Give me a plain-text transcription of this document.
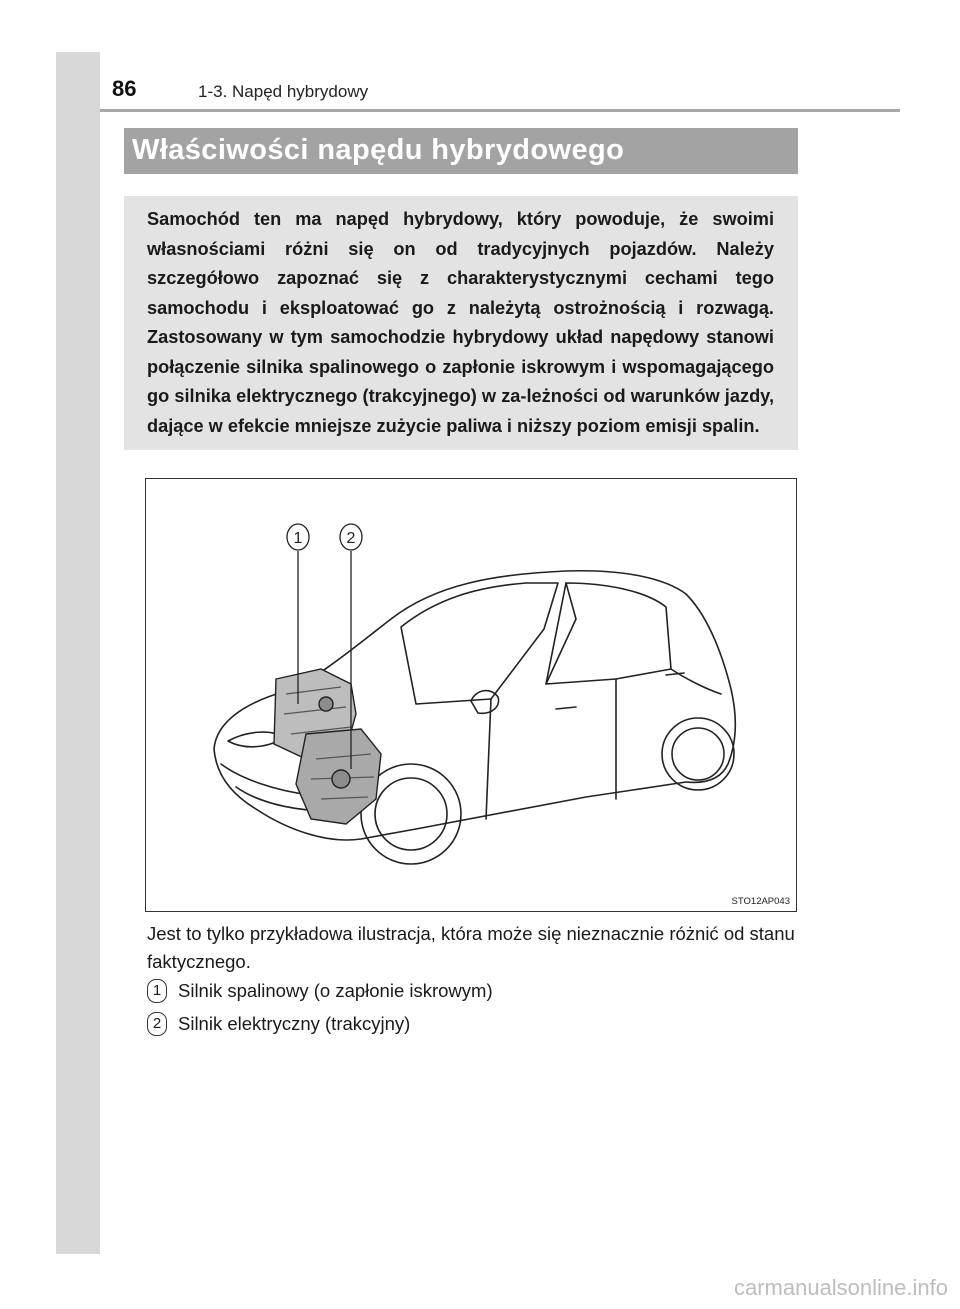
86	1-3. Napęd hybrydowy
Właściwości napędu hybrydowego
Samochód ten ma napęd hybrydowy, który powoduje, że swoimi własnościami różni się on od tradycyjnych pojazdów. Należy szczegółowo zapoznać się z charakterystycznymi cechami tego samochodu i eksploatować go z należytą ostrożnością i rozwagą. Zastosowany w tym samochodzie hybrydowy układ napędowy stanowi połączenie silnika spalinowego o zapłonie iskrowym i wspomagającego go silnika elektrycznego (trakcyjnego) w za-leżności od warunków jazdy, dające w efekcie mniejsze zużycie paliwa i niższy poziom emisji spalin.
1	2
STO12AP043
Jest to tylko przykładowa ilustracja, która może się nieznacznie różnić od stanu faktycznego.
1 Silnik spalinowy (o zapłonie iskrowym)
2 Silnik elektryczny (trakcyjny)
carmanualsonline.info
